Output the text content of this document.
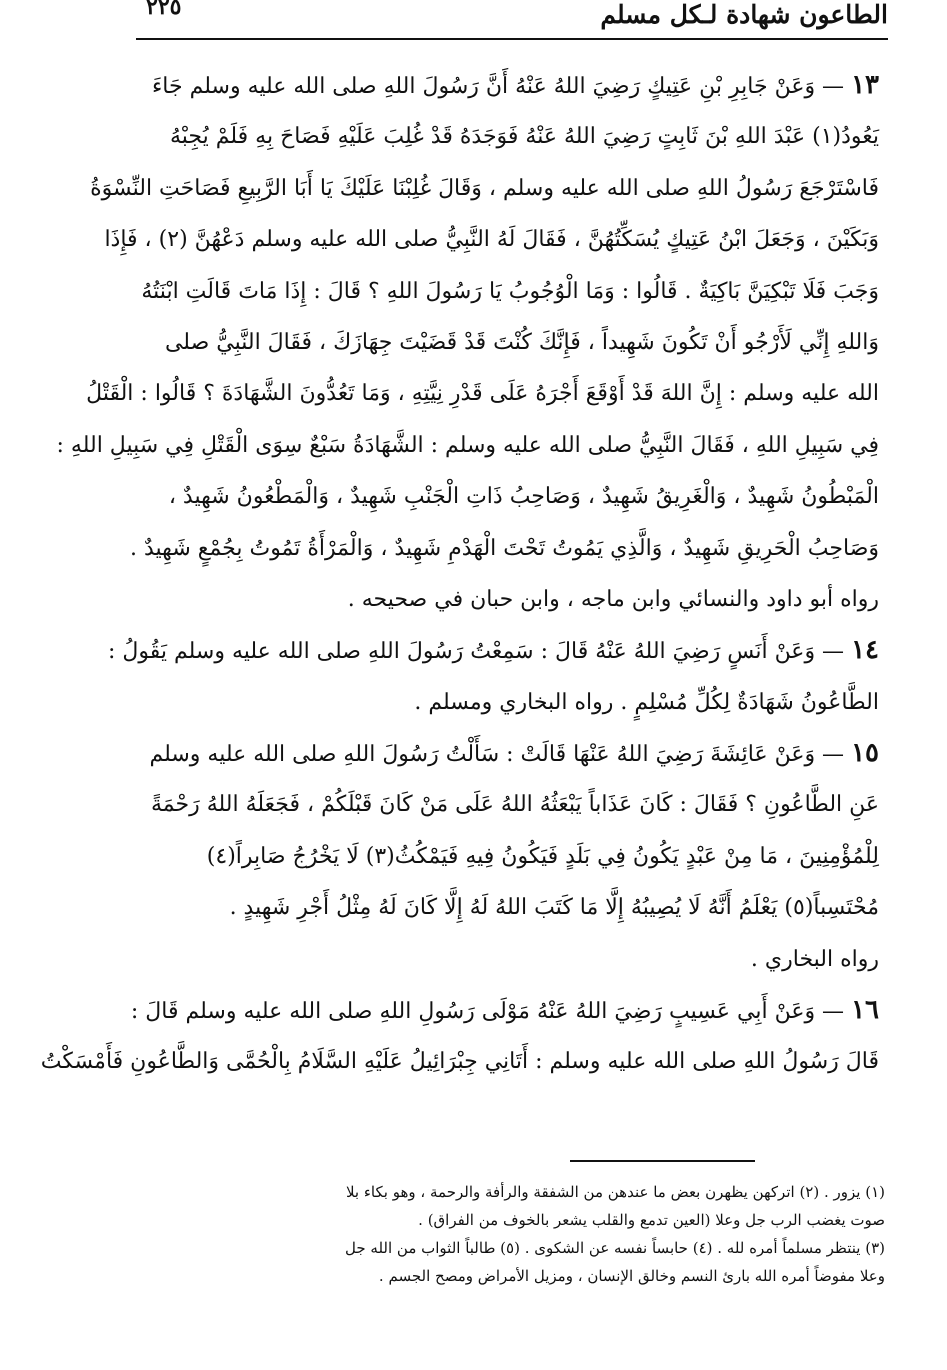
الطاعون شهادة لـكل مسلم
٢٢٥
١٣ — وَعَنْ جَابِرِ بْنِ عَتِيكٍ رَضِيَ اللهُ عَنْهُ أَنَّ رَسُولَ اللهِ صلى الله عليه وسلم جَاءَ
يَعُودُ(١) عَبْدَ اللهِ بْنَ ثَابِتٍ رَضِيَ اللهُ عَنْهُ فَوَجَدَهُ قَدْ غُلِبَ عَلَيْهِ فَصَاحَ بِهِ فَلَمْ يُجِبْهُ
فَاسْتَرْجَعَ رَسُولُ اللهِ صلى الله عليه وسلم ، وَقَالَ غُلِبْنَا عَلَيْكَ يَا أَبَا الرَّبِيعِ فَصَاحَتِ النِّسْوَةُ
وَبَكَيْنَ ، وَجَعَلَ ابْنُ عَتِيكٍ يُسَكِّتُهُنَّ ، فَقَالَ لَهُ النَّبِيُّ صلى الله عليه وسلم دَعْهُنَّ (٢) ، فَإِذَا
وَجَبَ فَلَا تَبْكِيَنَّ بَاكِيَةٌ . قَالُوا : وَمَا الْوُجُوبُ يَا رَسُولَ اللهِ ؟ قَالَ : إِذَا مَاتَ قَالَتِ ابْنَتُهُ
وَاللهِ إِنِّي لَأَرْجُو أَنْ تَكُونَ شَهِيداً ، فَإِنَّكَ كُنْتَ قَدْ قَضَيْتَ جِهَازَكَ ، فَقَالَ النَّبِيُّ صلى
الله عليه وسلم : إِنَّ اللهَ قَدْ أَوْقَعَ أَجْرَهُ عَلَى قَدْرِ نِيَّتِهِ ، وَمَا تَعُدُّونَ الشَّهَادَةَ ؟ قَالُوا : الْقَتْلُ
فِي سَبِيلِ اللهِ ، فَقَالَ النَّبِيُّ صلى الله عليه وسلم : الشَّهَادَةُ سَبْعٌ سِوَى الْقَتْلِ فِي سَبِيلِ اللهِ :
الْمَبْطُونُ شَهِيدٌ ، وَالْغَرِيقُ شَهِيدٌ ، وَصَاحِبُ ذَاتِ الْجَنْبِ شَهِيدٌ ، وَالْمَطْعُونُ شَهِيدٌ ،
وَصَاحِبُ الْحَرِيقِ شَهِيدٌ ، وَالَّذِي يَمُوتُ تَحْتَ الْهَدْمِ شَهِيدٌ ، وَالْمَرْأَةُ تَمُوتُ بِجُمْعٍ شَهِيدٌ .
رواه أبو داود والنسائي وابن ماجه ، وابن حبان في صحيحه .
١٤ — وَعَنْ أَنَسٍ رَضِيَ اللهُ عَنْهُ قَالَ : سَمِعْتُ رَسُولَ اللهِ صلى الله عليه وسلم يَقُولُ :
الطَّاعُونُ شَهَادَةٌ لِكُلِّ مُسْلِمٍ . رواه البخاري ومسلم .
١٥ — وَعَنْ عَائِشَةَ رَضِيَ اللهُ عَنْهَا قَالَتْ : سَأَلْتُ رَسُولَ اللهِ صلى الله عليه وسلم
عَنِ الطَّاعُونِ ؟ فَقَالَ : كَانَ عَذَاباً يَبْعَثُهُ اللهُ عَلَى مَنْ كَانَ قَبْلَكُمْ ، فَجَعَلَهُ اللهُ رَحْمَةً
لِلْمُؤْمِنِينَ ، مَا مِنْ عَبْدٍ يَكُونُ فِي بَلَدٍ فَيَكُونُ فِيهِ فَيَمْكُثُ(٣) لَا يَخْرُجُ صَابِراً(٤)
مُحْتَسِباً(٥) يَعْلَمُ أَنَّهُ لَا يُصِيبُهُ إِلَّا مَا كَتَبَ اللهُ لَهُ إِلَّا كَانَ لَهُ مِثْلُ أَجْرِ شَهِيدٍ .
رواه البخاري .
١٦ — وَعَنْ أَبِي عَسِيبٍ رَضِيَ اللهُ عَنْهُ مَوْلَى رَسُولِ اللهِ صلى الله عليه وسلم قَالَ :
قَالَ رَسُولُ اللهِ صلى الله عليه وسلم : أَتَانِي جِبْرَائِيلُ عَلَيْهِ السَّلَامُ بِالْحُمَّى وَالطَّاعُونِ فَأَمْسَكْتُ
(١) يزور . (٢) اتركهن يظهرن بعض ما عندهن من الشفقة والرأفة والرحمة ، وهو بكاء بلا
صوت يغضب الرب جل وعلا (العين تدمع والقلب يشعر بالخوف من الفراق) .
(٣) ينتظر مسلماً أمره لله . (٤) حابساً نفسه عن الشكوى . (٥) طالباً الثواب من الله جل
وعلا مفوضاً أمره الله بارئ النسم وخالق الإنسان ، ومزيل الأمراض ومصح الجسم .
